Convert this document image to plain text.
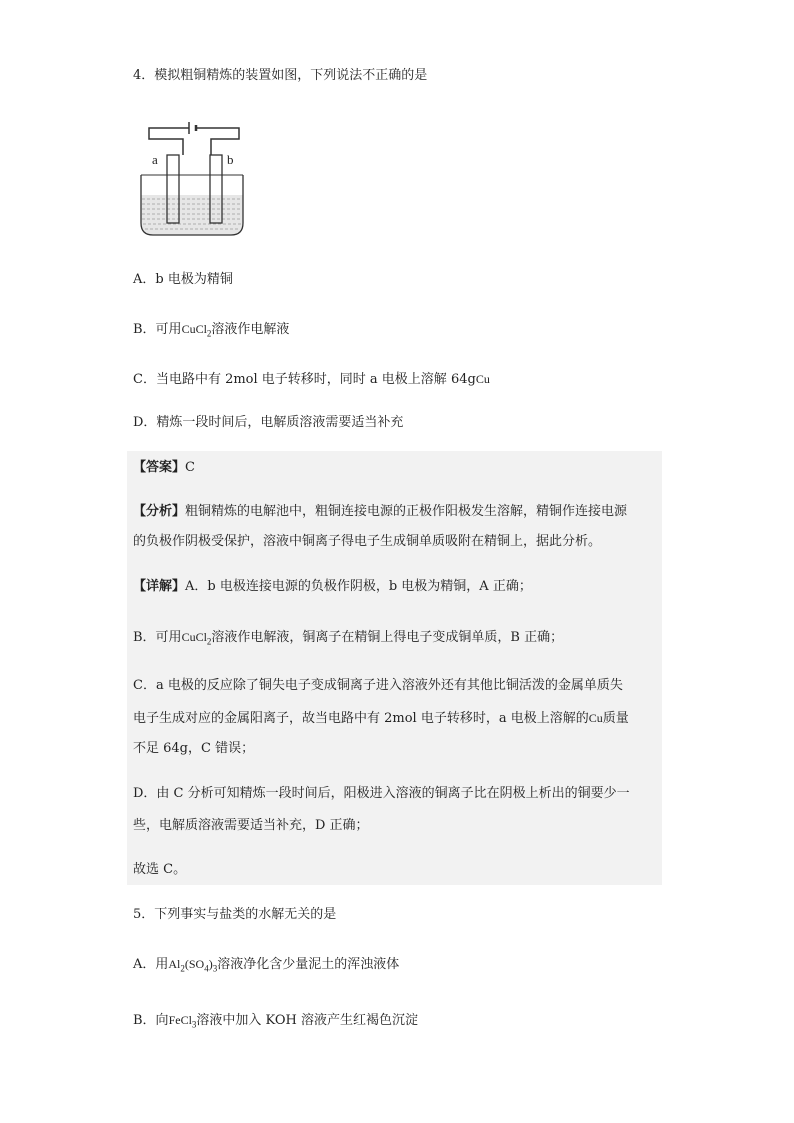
4．模拟粗铜精炼的装置如图，下列说法不正确的是
a	b
A．b 电极为精铜
B．可用CuCl$_2$溶液作电解液
C．当电路中有 2mol 电子转移时，同时 a 电极上溶解 64gCu
D．精炼一段时间后，电解质溶液需要适当补充
【答案】C
【分析】粗铜精炼的电解池中，粗铜连接电源的正极作阳极发生溶解，精铜作连接电源
的负极作阴极受保护，溶液中铜离子得电子生成铜单质吸附在精铜上，据此分析。
【详解】A．b 电极连接电源的负极作阴极，b 电极为精铜，A 正确；
B．可用CuCl$_2$溶液作电解液，铜离子在精铜上得电子变成铜单质，B 正确；
C．a 电极的反应除了铜失电子变成铜离子进入溶液外还有其他比铜活泼的金属单质失
电子生成对应的金属阳离子，故当电路中有 2mol 电子转移时，a 电极上溶解的Cu质量
不足 64g，C 错误；
D．由 C 分析可知精炼一段时间后，阳极进入溶液的铜离子比在阴极上析出的铜要少一
些，电解质溶液需要适当补充，D 正确；
故选 C。
5．下列事实与盐类的水解无关的是
A．用$Al_2(SO_4)_3$溶液净化含少量泥土的浑浊液体
B．向FeCl$_3$溶液中加入 KOH 溶液产生红褐色沉淀
